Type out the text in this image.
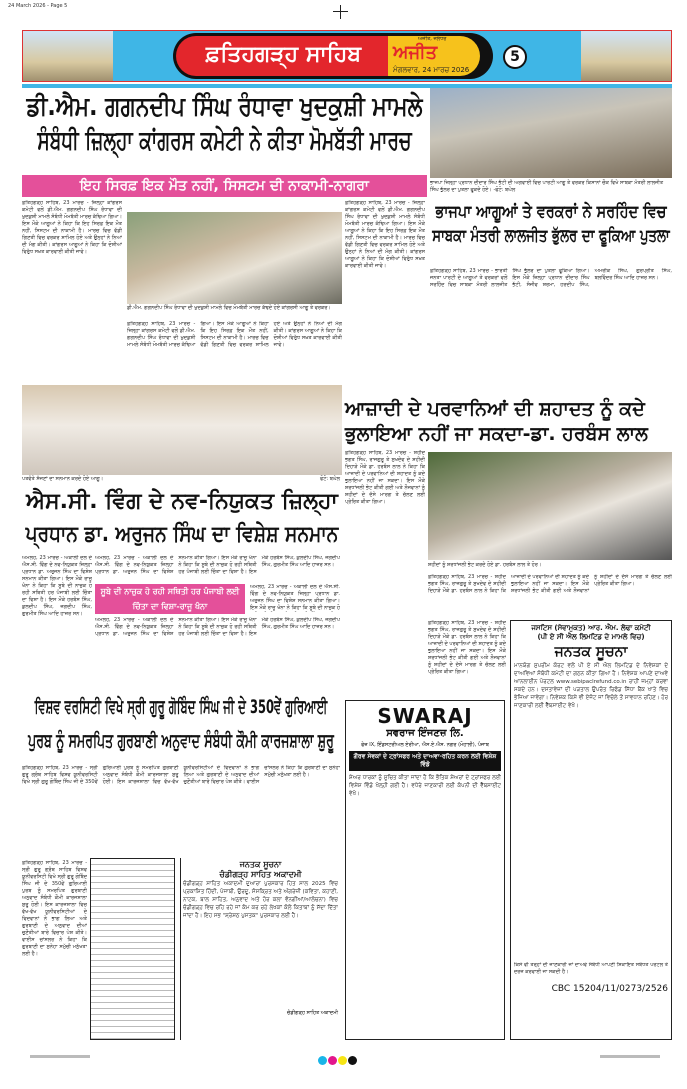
24 March 2026 - Page 5
ਫ਼ਤਿਹਗੜ੍ਹ ਸਾਹਿਬ	ਅਜੀਤ
ਅਜੀਤ, ਜਲੰਧਰ
ਮੰਗਲਵਾਰ, 24 ਮਾਰਚ 2026
5
ਡੀ.ਐਮ. ਗਗਨਦੀਪ ਸਿੰਘ ਰੰਧਾਵਾ ਖੁਦਕੁਸ਼ੀ ਮਾਮਲੇ
ਸੰਬੰਧੀ ਜ਼ਿਲ੍ਹਾ ਕਾਂਗਰਸ ਕਮੇਟੀ ਨੇ ਕੀਤਾ ਮੋਮਬੱਤੀ ਮਾਰਚ
ਇਹ ਸਿਰਫ਼ ਇਕ ਮੌਤ ਨਹੀਂ, ਸਿਸਟਮ ਦੀ ਨਾਕਾਮੀ-ਨਾਗਰਾ
ਫ਼ਤਿਹਗੜ੍ਹ ਸਾਹਿਬ, 23 ਮਾਰਚ - ਜ਼ਿਲ੍ਹਾ ਕਾਂਗਰਸ ਕਮੇਟੀ ਵਲੋਂ ਡੀ.ਐਮ. ਗਗਨਦੀਪ ਸਿੰਘ ਰੰਧਾਵਾ ਦੀ ਖੁਦਕੁਸ਼ੀ ਮਾਮਲੇ ਸੰਬੰਧੀ ਮੋਮਬੱਤੀ ਮਾਰਚ ਕੱਢਿਆ ਗਿਆ। ਇਸ ਮੌਕੇ ਆਗੂਆਂ ਨੇ ਕਿਹਾ ਕਿ ਇਹ ਸਿਰਫ਼ ਇਕ ਮੌਤ ਨਹੀਂ, ਸਿਸਟਮ ਦੀ ਨਾਕਾਮੀ ਹੈ। ਮਾਰਚ ਵਿਚ ਵੱਡੀ ਗਿਣਤੀ ਵਿਚ ਵਰਕਰ ਸ਼ਾਮਿਲ ਹੋਏ ਅਤੇ ਉਨ੍ਹਾਂ ਨੇ ਨਿਆਂ ਦੀ ਮੰਗ ਕੀਤੀ। ਕਾਂਗਰਸ ਆਗੂਆਂ ਨੇ ਕਿਹਾ ਕਿ ਦੋਸ਼ੀਆਂ ਵਿਰੁੱਧ ਸਖ਼ਤ ਕਾਰਵਾਈ ਕੀਤੀ ਜਾਵੇ।
ਡੀ.ਐਮ. ਗਗਨਦੀਪ ਸਿੰਘ ਰੰਧਾਵਾ ਦੀ ਖੁਦਕੁਸ਼ੀ ਮਾਮਲੇ ਵਿਚ ਮੋਮਬੱਤੀ ਮਾਰਚ ਕੱਢਦੇ ਹੋਏ ਕਾਂਗਰਸੀ ਆਗੂ ਤੇ ਵਰਕਰ।
ਫ਼ਤਿਹਗੜ੍ਹ ਸਾਹਿਬ, 23 ਮਾਰਚ - ਜ਼ਿਲ੍ਹਾ ਕਾਂਗਰਸ ਕਮੇਟੀ ਵਲੋਂ ਡੀ.ਐਮ. ਗਗਨਦੀਪ ਸਿੰਘ ਰੰਧਾਵਾ ਦੀ ਖੁਦਕੁਸ਼ੀ ਮਾਮਲੇ ਸੰਬੰਧੀ ਮੋਮਬੱਤੀ ਮਾਰਚ ਕੱਢਿਆ ਗਿਆ। ਇਸ ਮੌਕੇ ਆਗੂਆਂ ਨੇ ਕਿਹਾ ਕਿ ਇਹ ਸਿਰਫ਼ ਇਕ ਮੌਤ ਨਹੀਂ, ਸਿਸਟਮ ਦੀ ਨਾਕਾਮੀ ਹੈ। ਮਾਰਚ ਵਿਚ ਵੱਡੀ ਗਿਣਤੀ ਵਿਚ ਵਰਕਰ ਸ਼ਾਮਿਲ ਹੋਏ ਅਤੇ ਉਨ੍ਹਾਂ ਨੇ ਨਿਆਂ ਦੀ ਮੰਗ ਕੀਤੀ। ਕਾਂਗਰਸ ਆਗੂਆਂ ਨੇ ਕਿਹਾ ਕਿ ਦੋਸ਼ੀਆਂ ਵਿਰੁੱਧ ਸਖ਼ਤ ਕਾਰਵਾਈ ਕੀਤੀ ਜਾਵੇ।
ਫ਼ਤਿਹਗੜ੍ਹ ਸਾਹਿਬ, 23 ਮਾਰਚ - ਜ਼ਿਲ੍ਹਾ ਕਾਂਗਰਸ ਕਮੇਟੀ ਵਲੋਂ ਡੀ.ਐਮ. ਗਗਨਦੀਪ ਸਿੰਘ ਰੰਧਾਵਾ ਦੀ ਖੁਦਕੁਸ਼ੀ ਮਾਮਲੇ ਸੰਬੰਧੀ ਮੋਮਬੱਤੀ ਮਾਰਚ ਕੱਢਿਆ ਗਿਆ। ਇਸ ਮੌਕੇ ਆਗੂਆਂ ਨੇ ਕਿਹਾ ਕਿ ਇਹ ਸਿਰਫ਼ ਇਕ ਮੌਤ ਨਹੀਂ, ਸਿਸਟਮ ਦੀ ਨਾਕਾਮੀ ਹੈ। ਮਾਰਚ ਵਿਚ ਵੱਡੀ ਗਿਣਤੀ ਵਿਚ ਵਰਕਰ ਸ਼ਾਮਿਲ ਹੋਏ ਅਤੇ ਉਨ੍ਹਾਂ ਨੇ ਨਿਆਂ ਦੀ ਮੰਗ ਕੀਤੀ। ਕਾਂਗਰਸ ਆਗੂਆਂ ਨੇ ਕਿਹਾ ਕਿ ਦੋਸ਼ੀਆਂ ਵਿਰੁੱਧ ਸਖ਼ਤ ਕਾਰਵਾਈ ਕੀਤੀ ਜਾਵੇ।
ਭਾਜਪਾ ਜ਼ਿਲ੍ਹਾ ਪ੍ਰਧਾਨ ਦੀਦਾਰ ਸਿੰਘ ਭੱਟੀ ਦੀ ਅਗਵਾਈ ਵਿਚ ਪਾਰਟੀ ਆਗੂ ਤੇ ਵਰਕਰ ਕਿਸਾਨਾਂ ਚੌਕ ਵਿਖੇ ਸਾਬਕਾ ਮੰਤਰੀ ਲਾਲਜੀਤ ਸਿੰਘ ਭੁੱਲਰ ਦਾ ਪੁਤਲਾ ਫੂਕਦੇ ਹੋਏ। -ਫੋਟੋ: ਬਘੇਲ
ਭਾਜਪਾ ਆਗੂਆਂ ਤੇ ਵਰਕਰਾਂ ਨੇ ਸਰਹਿੰਦ ਵਿਚ
ਸਾਬਕਾ ਮੰਤਰੀ ਲਾਲਜੀਤ ਭੁੱਲਰ ਦਾ ਫੂਕਿਆ ਪੁਤਲਾ
ਫ਼ਤਿਹਗੜ੍ਹ ਸਾਹਿਬ, 23 ਮਾਰਚ - ਭਾਰਤੀ ਜਨਤਾ ਪਾਰਟੀ ਦੇ ਆਗੂਆਂ ਤੇ ਵਰਕਰਾਂ ਵਲੋਂ ਸਰਹਿੰਦ ਵਿਚ ਸਾਬਕਾ ਮੰਤਰੀ ਲਾਲਜੀਤ ਸਿੰਘ ਭੁੱਲਰ ਦਾ ਪੁਤਲਾ ਫੂਕਿਆ ਗਿਆ। ਇਸ ਮੌਕੇ ਜ਼ਿਲ੍ਹਾ ਪ੍ਰਧਾਨ ਦੀਦਾਰ ਸਿੰਘ ਭੱਟੀ, ਸੰਜੀਵ ਸ਼ਰਮਾ, ਹਰਦੀਪ ਸਿੰਘ, ਅਮਰੀਕ ਸਿੰਘ, ਗੁਰਪ੍ਰੀਤ ਸਿੰਘ, ਬਲਵਿੰਦਰ ਸਿੰਘ ਆਦਿ ਹਾਜ਼ਰ ਸਨ।
ਪਤਵੰਤੇ ਸੱਜਣਾਂ ਦਾ ਸਨਮਾਨ ਕਰਦੇ ਹੋਏ ਆਗੂ।	ਫੋਟੋ: ਬਘੇਲ
ਐਸ.ਸੀ. ਵਿੰਗ ਦੇ ਨਵ-ਨਿਯੁਕਤ ਜ਼ਿਲ੍ਹਾ
ਪ੍ਰਧਾਨ ਡਾ. ਅਰੁਜਨ ਸਿੰਘ ਦਾ ਵਿਸ਼ੇਸ਼ ਸਨਮਾਨ
ਅਮਲੋਹ, 23 ਮਾਰਚ - ਅਕਾਲੀ ਦਲ ਦੇ ਐਸ.ਸੀ. ਵਿੰਗ ਦੇ ਨਵ-ਨਿਯੁਕਤ ਜ਼ਿਲ੍ਹਾ ਪ੍ਰਧਾਨ ਡਾ. ਅਰੁਜਨ ਸਿੰਘ ਦਾ ਵਿਸ਼ੇਸ਼ ਸਨਮਾਨ ਕੀਤਾ ਗਿਆ। ਇਸ ਮੌਕੇ ਰਾਜੂ ਖੰਨਾ ਨੇ ਕਿਹਾ ਕਿ ਸੂਬੇ ਦੀ ਨਾਜ਼ੁਕ ਹੋ ਰਹੀ ਸਥਿਤੀ ਹਰ ਪੰਜਾਬੀ ਲਈ ਚਿੰਤਾ ਦਾ ਵਿਸ਼ਾ ਹੈ। ਇਸ ਮੌਕੇ ਹਰਬੰਸ ਸਿੰਘ, ਕੁਲਦੀਪ ਸਿੰਘ, ਜਗਦੀਪ ਸਿੰਘ, ਗੁਰਮੀਤ ਸਿੰਘ ਆਦਿ ਹਾਜ਼ਰ ਸਨ।
ਅਮਲੋਹ, 23 ਮਾਰਚ - ਅਕਾਲੀ ਦਲ ਦੇ ਐਸ.ਸੀ. ਵਿੰਗ ਦੇ ਨਵ-ਨਿਯੁਕਤ ਜ਼ਿਲ੍ਹਾ ਪ੍ਰਧਾਨ ਡਾ. ਅਰੁਜਨ ਸਿੰਘ ਦਾ ਵਿਸ਼ੇਸ਼ ਸਨਮਾਨ ਕੀਤਾ ਗਿਆ। ਇਸ ਮੌਕੇ ਰਾਜੂ ਖੰਨਾ ਨੇ ਕਿਹਾ ਕਿ ਸੂਬੇ ਦੀ ਨਾਜ਼ੁਕ ਹੋ ਰਹੀ ਸਥਿਤੀ ਹਰ ਪੰਜਾਬੀ ਲਈ ਚਿੰਤਾ ਦਾ ਵਿਸ਼ਾ ਹੈ। ਇਸ ਮੌਕੇ ਹਰਬੰਸ ਸਿੰਘ, ਕੁਲਦੀਪ ਸਿੰਘ, ਜਗਦੀਪ ਸਿੰਘ, ਗੁਰਮੀਤ ਸਿੰਘ ਆਦਿ ਹਾਜ਼ਰ ਸਨ।
ਸੂਬੇ ਦੀ ਨਾਜ਼ੁਕ ਹੋ ਰਹੀ ਸਥਿਤੀ ਹਰ ਪੰਜਾਬੀ ਲਈ ਚਿੰਤਾ ਦਾ ਵਿਸ਼ਾ-ਰਾਜੂ ਖੰਨਾ
ਅਮਲੋਹ, 23 ਮਾਰਚ - ਅਕਾਲੀ ਦਲ ਦੇ ਐਸ.ਸੀ. ਵਿੰਗ ਦੇ ਨਵ-ਨਿਯੁਕਤ ਜ਼ਿਲ੍ਹਾ ਪ੍ਰਧਾਨ ਡਾ. ਅਰੁਜਨ ਸਿੰਘ ਦਾ ਵਿਸ਼ੇਸ਼ ਸਨਮਾਨ ਕੀਤਾ ਗਿਆ। ਇਸ ਮੌਕੇ ਰਾਜੂ ਖੰਨਾ ਨੇ ਕਿਹਾ ਕਿ ਸੂਬੇ ਦੀ ਨਾਜ਼ੁਕ ਹੋ ਰਹੀ ਸਥਿਤੀ ਹਰ ਪੰਜਾਬੀ ਲਈ ਚਿੰਤਾ ਦਾ ਵਿਸ਼ਾ ਹੈ। ਇਸ ਮੌਕੇ ਹਰਬੰਸ ਸਿੰਘ, ਕੁਲਦੀਪ ਸਿੰਘ, ਜਗਦੀਪ ਸਿੰਘ, ਗੁਰਮੀਤ ਸਿੰਘ ਆਦਿ ਹਾਜ਼ਰ ਸਨ।
ਅਮਲੋਹ, 23 ਮਾਰਚ - ਅਕਾਲੀ ਦਲ ਦੇ ਐਸ.ਸੀ. ਵਿੰਗ ਦੇ ਨਵ-ਨਿਯੁਕਤ ਜ਼ਿਲ੍ਹਾ ਪ੍ਰਧਾਨ ਡਾ. ਅਰੁਜਨ ਸਿੰਘ ਦਾ ਵਿਸ਼ੇਸ਼ ਸਨਮਾਨ ਕੀਤਾ ਗਿਆ। ਇਸ ਮੌਕੇ ਰਾਜੂ ਖੰਨਾ ਨੇ ਕਿਹਾ ਕਿ ਸੂਬੇ ਦੀ ਨਾਜ਼ੁਕ ਹੋ
ਆਜ਼ਾਦੀ ਦੇ ਪਰਵਾਨਿਆਂ ਦੀ ਸ਼ਹਾਦਤ ਨੂੰ ਕਦੇ
ਭੁਲਾਇਆ ਨਹੀਂ ਜਾ ਸਕਦਾ-ਡਾ. ਹਰਬੰਸ ਲਾਲ
ਫ਼ਤਿਹਗੜ੍ਹ ਸਾਹਿਬ, 23 ਮਾਰਚ - ਸ਼ਹੀਦ ਭਗਤ ਸਿੰਘ, ਰਾਜਗੁਰੂ ਤੇ ਸੁਖਦੇਵ ਦੇ ਸ਼ਹੀਦੀ ਦਿਹਾੜੇ ਮੌਕੇ ਡਾ. ਹਰਬੰਸ ਲਾਲ ਨੇ ਕਿਹਾ ਕਿ ਆਜ਼ਾਦੀ ਦੇ ਪਰਵਾਨਿਆਂ ਦੀ ਸ਼ਹਾਦਤ ਨੂੰ ਕਦੇ ਭੁਲਾਇਆ ਨਹੀਂ ਜਾ ਸਕਦਾ। ਇਸ ਮੌਕੇ ਸ਼ਰਧਾਂਜਲੀ ਭੇਟ ਕੀਤੀ ਗਈ ਅਤੇ ਨੌਜਵਾਨਾਂ ਨੂੰ ਸ਼ਹੀਦਾਂ ਦੇ ਦੱਸੇ ਮਾਰਗ ਤੇ ਚੱਲਣ ਲਈ ਪ੍ਰੇਰਿਤ ਕੀਤਾ ਗਿਆ।
ਸ਼ਹੀਦਾਂ ਨੂੰ ਸ਼ਰਧਾਂਜਲੀ ਭੇਟ ਕਰਦੇ ਹੋਏ ਡਾ. ਹਰਬੰਸ ਲਾਲ ਤੇ ਹੋਰ।
ਫ਼ਤਿਹਗੜ੍ਹ ਸਾਹਿਬ, 23 ਮਾਰਚ - ਸ਼ਹੀਦ ਭਗਤ ਸਿੰਘ, ਰਾਜਗੁਰੂ ਤੇ ਸੁਖਦੇਵ ਦੇ ਸ਼ਹੀਦੀ ਦਿਹਾੜੇ ਮੌਕੇ ਡਾ. ਹਰਬੰਸ ਲਾਲ ਨੇ ਕਿਹਾ ਕਿ ਆਜ਼ਾਦੀ ਦੇ ਪਰਵਾਨਿਆਂ ਦੀ ਸ਼ਹਾਦਤ ਨੂੰ ਕਦੇ ਭੁਲਾਇਆ ਨਹੀਂ ਜਾ ਸਕਦਾ। ਇਸ ਮੌਕੇ ਸ਼ਰਧਾਂਜਲੀ ਭੇਟ ਕੀਤੀ ਗਈ ਅਤੇ ਨੌਜਵਾਨਾਂ ਨੂੰ ਸ਼ਹੀਦਾਂ ਦੇ ਦੱਸੇ ਮਾਰਗ ਤੇ ਚੱਲਣ ਲਈ ਪ੍ਰੇਰਿਤ ਕੀਤਾ ਗਿਆ।
ਫ਼ਤਿਹਗੜ੍ਹ ਸਾਹਿਬ, 23 ਮਾਰਚ - ਸ਼ਹੀਦ ਭਗਤ ਸਿੰਘ, ਰਾਜਗੁਰੂ ਤੇ ਸੁਖਦੇਵ ਦੇ ਸ਼ਹੀਦੀ ਦਿਹਾੜੇ ਮੌਕੇ ਡਾ. ਹਰਬੰਸ ਲਾਲ ਨੇ ਕਿਹਾ ਕਿ ਆਜ਼ਾਦੀ ਦੇ ਪਰਵਾਨਿਆਂ ਦੀ ਸ਼ਹਾਦਤ ਨੂੰ ਕਦੇ ਭੁਲਾਇਆ ਨਹੀਂ ਜਾ ਸਕਦਾ। ਇਸ ਮੌਕੇ ਸ਼ਰਧਾਂਜਲੀ ਭੇਟ ਕੀਤੀ ਗਈ ਅਤੇ ਨੌਜਵਾਨਾਂ ਨੂੰ ਸ਼ਹੀਦਾਂ ਦੇ ਦੱਸੇ ਮਾਰਗ ਤੇ ਚੱਲਣ ਲਈ ਪ੍ਰੇਰਿਤ ਕੀਤਾ ਗਿਆ।
ਜਸਟਿਸ (ਸੇਵਾਮੁਕਤ) ਆਰ. ਐਮ. ਲੋਢਾ ਕਮੇਟੀ
(ਪੀ ਏ ਸੀ ਐਲ ਲਿਮਟਿਡ ਦੇ ਮਾਮਲੇ ਵਿਚ)
ਜਨਤਕ ਸੂਚਨਾ
ਮਾਨਯੋਗ ਸੁਪਰੀਮ ਕੋਰਟ ਵਲੋਂ ਪੀ ਏ ਸੀ ਐਲ ਲਿਮਟਿਡ ਦੇ ਨਿਵੇਸ਼ਕਾਂ ਦੇ ਦਾਅਵਿਆਂ ਸੰਬੰਧੀ ਕਮੇਟੀ ਦਾ ਗਠਨ ਕੀਤਾ ਗਿਆ ਹੈ। ਨਿਵੇਸ਼ਕ ਆਪਣੇ ਦਾਅਵੇ ਆਨਲਾਈਨ ਪੋਰਟਲ www.sebipaclrefund.co.in ਰਾਹੀਂ ਜਮ੍ਹਾਂ ਕਰਵਾ ਸਕਦੇ ਹਨ। ਦਸਤਾਵੇਜ਼ਾਂ ਦੀ ਪੜਤਾਲ ਉਪਰੰਤ ਰਿਫੰਡ ਸਿੱਧਾ ਬੈਂਕ ਖਾਤੇ ਵਿਚ ਭੇਜਿਆ ਜਾਵੇਗਾ। ਨਿਵੇਸ਼ਕ ਕਿਸੇ ਵੀ ਏਜੰਟ ਜਾਂ ਵਿਚੋਲੇ ਤੋਂ ਸਾਵਧਾਨ ਰਹਿਣ। ਹੋਰ ਜਾਣਕਾਰੀ ਲਈ ਵੈੱਬਸਾਈਟ ਵੇਖੋ।
ਕਿਸੇ ਵੀ ਤਰ੍ਹਾਂ ਦੀ ਜਾਣਕਾਰੀ ਜਾਂ ਦਾਅਵੇ ਸੰਬੰਧੀ ਆਪਣੀ ਸ਼ਿਕਾਇਤ ਸਬੰਧਤ ਪੋਰਟਲ ਤੇ ਦਰਜ ਕਰਵਾਈ ਜਾ ਸਕਦੀ ਹੈ।
CBC 15204/11/0273/2526
ਵਿਸ਼ਵ ਵਰਸਿਟੀ ਵਿਖੇ ਸ੍ਰੀ ਗੁਰੂ ਗੋਬਿੰਦ ਸਿੰਘ ਜੀ ਦੇ 350ਵੇਂ ਗੁਰਿਆਈ
ਪੁਰਬ ਨੂੰ ਸਮਰਪਿਤ ਗੁਰਬਾਣੀ ਅਨੁਵਾਦ ਸੰਬੰਧੀ ਕੌਮੀ ਕਾਰਜਸ਼ਾਲਾ ਸ਼ੁਰੂ
ਫ਼ਤਿਹਗੜ੍ਹ ਸਾਹਿਬ, 23 ਮਾਰਚ - ਸ੍ਰੀ ਗੁਰੂ ਗ੍ਰੰਥ ਸਾਹਿਬ ਵਿਸ਼ਵ ਯੂਨੀਵਰਸਿਟੀ ਵਿਖੇ ਸ੍ਰੀ ਗੁਰੂ ਗੋਬਿੰਦ ਸਿੰਘ ਜੀ ਦੇ 350ਵੇਂ ਗੁਰਿਆਈ ਪੁਰਬ ਨੂੰ ਸਮਰਪਿਤ ਗੁਰਬਾਣੀ ਅਨੁਵਾਦ ਸੰਬੰਧੀ ਕੌਮੀ ਕਾਰਜਸ਼ਾਲਾ ਸ਼ੁਰੂ ਹੋਈ। ਇਸ ਕਾਰਜਸ਼ਾਲਾ ਵਿਚ ਵੱਖ-ਵੱਖ ਯੂਨੀਵਰਸਿਟੀਆਂ ਦੇ ਵਿਦਵਾਨਾਂ ਨੇ ਭਾਗ ਲਿਆ ਅਤੇ ਗੁਰਬਾਣੀ ਦੇ ਅਨੁਵਾਦ ਦੀਆਂ ਚੁਣੌਤੀਆਂ ਬਾਰੇ ਵਿਚਾਰ ਪੇਸ਼ ਕੀਤੇ। ਵਾਈਸ ਚਾਂਸਲਰ ਨੇ ਕਿਹਾ ਕਿ ਗੁਰਬਾਣੀ ਦਾ ਸੁਨੇਹਾ ਸਮੁੱਚੀ ਮਨੁੱਖਤਾ ਲਈ ਹੈ।
ਫ਼ਤਿਹਗੜ੍ਹ ਸਾਹਿਬ, 23 ਮਾਰਚ - ਸ੍ਰੀ ਗੁਰੂ ਗ੍ਰੰਥ ਸਾਹਿਬ ਵਿਸ਼ਵ ਯੂਨੀਵਰਸਿਟੀ ਵਿਖੇ ਸ੍ਰੀ ਗੁਰੂ ਗੋਬਿੰਦ ਸਿੰਘ ਜੀ ਦੇ 350ਵੇਂ ਗੁਰਿਆਈ ਪੁਰਬ ਨੂੰ ਸਮਰਪਿਤ ਗੁਰਬਾਣੀ ਅਨੁਵਾਦ ਸੰਬੰਧੀ ਕੌਮੀ ਕਾਰਜਸ਼ਾਲਾ ਸ਼ੁਰੂ ਹੋਈ। ਇਸ ਕਾਰਜਸ਼ਾਲਾ ਵਿਚ ਵੱਖ-ਵੱਖ ਯੂਨੀਵਰਸਿਟੀਆਂ ਦੇ ਵਿਦਵਾਨਾਂ ਨੇ ਭਾਗ ਲਿਆ ਅਤੇ ਗੁਰਬਾਣੀ ਦੇ ਅਨੁਵਾਦ ਦੀਆਂ ਚੁਣੌਤੀਆਂ ਬਾਰੇ ਵਿਚਾਰ ਪੇਸ਼ ਕੀਤੇ। ਵਾਈਸ ਚਾਂਸਲਰ ਨੇ ਕਿਹਾ ਕਿ ਗੁਰਬਾਣੀ ਦਾ ਸੁਨੇਹਾ ਸਮੁੱਚੀ ਮਨੁੱਖਤਾ ਲਈ ਹੈ।
ਜਨਤਕ ਸੂਚਨਾ
ਚੰਡੀਗੜ੍ਹ ਸਾਹਿਤ ਅਕਾਦਮੀ
ਚੰਡੀਗੜ੍ਹ ਸਾਹਿਤ ਅਕਾਦਮੀ ਦੁਆਰਾ ਪੁਰਸਕਾਰ ਹਿਤ ਸਾਲ 2025 ਵਿਚ ਪ੍ਰਕਾਸ਼ਿਤ ਹਿੰਦੀ, ਪੰਜਾਬੀ, ਉਰਦੂ, ਸੰਸਕ੍ਰਿਤ ਅਤੇ ਅੰਗਰੇਜ਼ੀ (ਕਵਿਤਾ, ਕਹਾਣੀ, ਨਾਟਕ, ਬਾਲ ਸਾਹਿਤ, ਅਨੁਵਾਦ ਅਤੇ ਹੋਰ ਕਲਾ ਵੰਨਗੀਆਂ/ਆਲੋਚਨਾ) ਵਿਚ ਚੰਡੀਗੜ੍ਹ ਵਿਚ ਰਹਿ ਰਹੇ ਜਾਂ ਕੰਮ ਕਰ ਰਹੇ ਲੇਖਕਾਂ ਕੋਲੋਂ ਕਿਤਾਬਾਂ ਨੂੰ ਸੱਦਾ ਦਿੱਤਾ ਜਾਂਦਾ ਹੈ। ਇਹ ਸਭ "ਸ਼੍ਰੇਸ਼ਠ ਪੁਸਤਕ" ਪੁਰਸਕਾਰ ਲਈ ਹੈ।
ਚੰਡੀਗੜ੍ਹ ਸਾਹਿਤ ਅਕਾਦਮੀ
SWARAJ
ਸਵਰਾਜ ਇੰਜਣਜ਼ ਲਿ.
ਫੇਜ਼ IX, ਇੰਡਸਟਰੀਅਲ ਏਰੀਆ, ਐਸ.ਏ.ਐਸ. ਨਗਰ (ਮੋਹਾਲੀ), ਪੰਜਾਬ
ਗੌਰਵ ਸੇਵਕਾਂ ਦੇ ਟ੍ਰਾਂਸਫਰ ਅਤੇ ਦਾਅਵਾ-ਰਹਿਤ ਕਰਨ ਲਈ ਵਿਸ਼ੇਸ਼ ਵਿੰਡੋ
ਸ਼ੇਅਰ ਧਾਰਕਾਂ ਨੂੰ ਸੂਚਿਤ ਕੀਤਾ ਜਾਂਦਾ ਹੈ ਕਿ ਭੌਤਿਕ ਸ਼ੇਅਰਾਂ ਦੇ ਟ੍ਰਾਂਸਫਰ ਲਈ ਵਿਸ਼ੇਸ਼ ਵਿੰਡੋ ਖੋਲ੍ਹੀ ਗਈ ਹੈ। ਵਧੇਰੇ ਜਾਣਕਾਰੀ ਲਈ ਕੰਪਨੀ ਦੀ ਵੈੱਬਸਾਈਟ ਵੇਖੋ।
